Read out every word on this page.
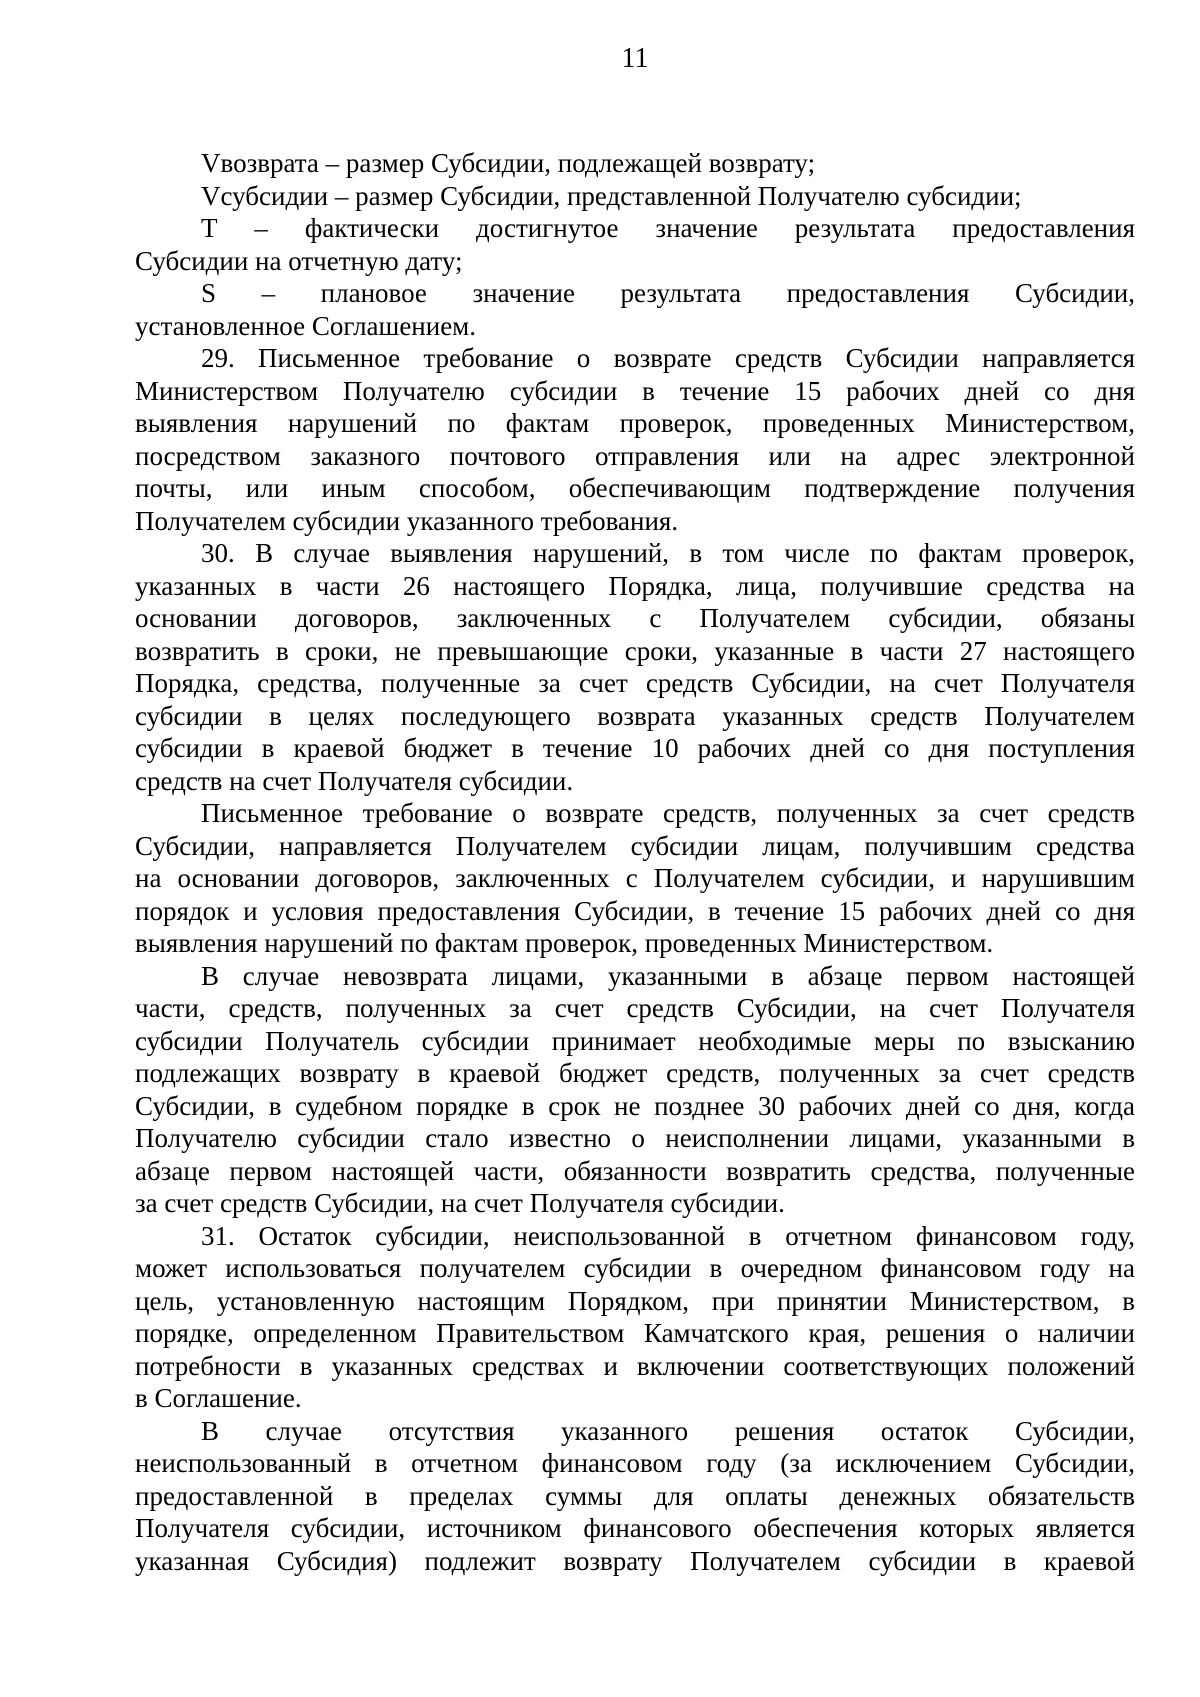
11
Vвозврата – размер Субсидии, подлежащей возврату;
Vсубсидии – размер Субсидии, представленной Получателю субсидии;
Т – фактически достигнутое значение результата предоставления
Субсидии на отчетную дату;
S – плановое значение результата предоставления Субсидии,
установленное Соглашением.
29. Письменное требование о возврате средств Субсидии направляется
Министерством Получателю субсидии в течение 15 рабочих дней со дня
выявления нарушений по фактам проверок, проведенных Министерством,
посредством заказного почтового отправления или на адрес электронной
почты, или иным способом, обеспечивающим подтверждение получения
Получателем субсидии указанного требования.
30. В случае выявления нарушений, в том числе по фактам проверок,
указанных в части 26 настоящего Порядка, лица, получившие средства на
основании договоров, заключенных с Получателем субсидии, обязаны
возвратить в сроки, не превышающие сроки, указанные в части 27 настоящего
Порядка, средства, полученные за счет средств Субсидии, на счет Получателя
субсидии в целях последующего возврата указанных средств Получателем
субсидии в краевой бюджет в течение 10 рабочих дней со дня поступления
средств на счет Получателя субсидии.
Письменное требование о возврате средств, полученных за счет средств
Субсидии, направляется Получателем субсидии лицам, получившим средства
на основании договоров, заключенных с Получателем субсидии, и нарушившим
порядок и условия предоставления Субсидии, в течение 15 рабочих дней со дня
выявления нарушений по фактам проверок, проведенных Министерством.
В случае невозврата лицами, указанными в абзаце первом настоящей
части, средств, полученных за счет средств Субсидии, на счет Получателя
субсидии Получатель субсидии принимает необходимые меры по взысканию
подлежащих возврату в краевой бюджет средств, полученных за счет средств
Субсидии, в судебном порядке в срок не позднее 30 рабочих дней со дня, когда
Получателю субсидии стало известно о неисполнении лицами, указанными в
абзаце первом настоящей части, обязанности возвратить средства, полученные
за счет средств Субсидии, на счет Получателя субсидии.
31. Остаток субсидии, неиспользованной в отчетном финансовом году,
может использоваться получателем субсидии в очередном финансовом году на
цель, установленную настоящим Порядком, при принятии Министерством, в
порядке, определенном Правительством Камчатского края, решения о наличии
потребности в указанных средствах и включении соответствующих положений
в Соглашение.
В случае отсутствия указанного решения остаток Субсидии,
неиспользованный в отчетном финансовом году (за исключением Субсидии,
предоставленной в пределах суммы для оплаты денежных обязательств
Получателя субсидии, источником финансового обеспечения которых является
указанная Субсидия) подлежит возврату Получателем субсидии в краевой
